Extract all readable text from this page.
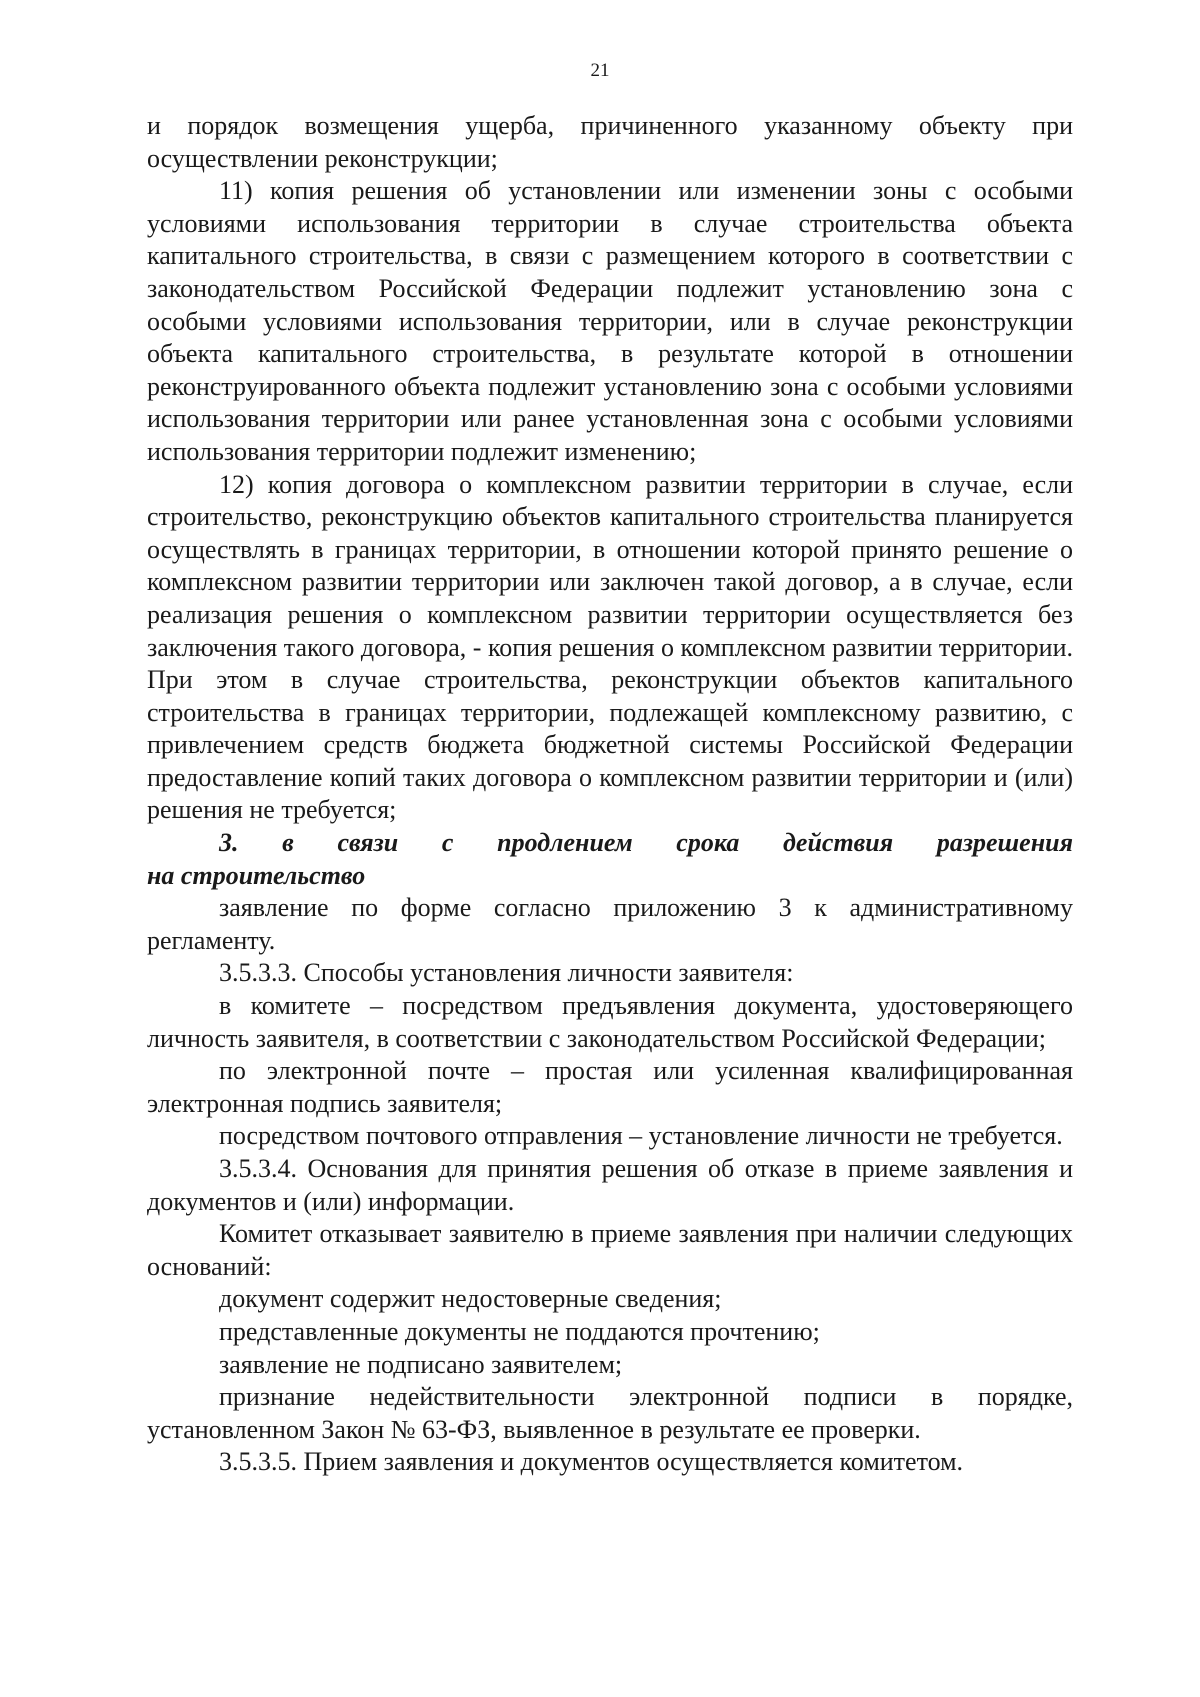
21

и порядок возмещения ущерба, причиненного указанному объекту при осуществлении реконструкции;

11) копия решения об установлении или изменении зоны с особыми условиями использования территории в случае строительства объекта капитального строительства, в связи с размещением которого в соответствии с законодательством Российской Федерации подлежит установлению зона с особыми условиями использования территории, или в случае реконструкции объекта капитального строительства, в результате которой в отношении реконструированного объекта подлежит установлению зона с особыми условиями использования территории или ранее установленная зона с особыми условиями использования территории подлежит изменению;

12) копия договора о комплексном развитии территории в случае, если строительство, реконструкцию объектов капитального строительства планируется осуществлять в границах территории, в отношении которой принято решение о комплексном развитии территории или заключен такой договор, а в случае, если реализация решения о комплексном развитии территории осуществляется без заключения такого договора, - копия решения о комплексном развитии территории. При этом в случае строительства, реконструкции объектов капитального строительства в границах территории, подлежащей комплексному развитию, с привлечением средств бюджета бюджетной системы Российской Федерации предоставление копий таких договора о комплексном развитии территории и (или) решения не требуется;

3. в связи с продлением срока действия разрешения
на строительство

заявление по форме согласно приложению 3 к административному регламенту.

3.5.3.3. Способы установления личности заявителя:

в комитете – посредством предъявления документа, удостоверяющего личность заявителя, в соответствии с законодательством Российской Федерации;

по электронной почте – простая или усиленная квалифицированная электронная подпись заявителя;

посредством почтового отправления – установление личности не требуется.

3.5.3.4. Основания для принятия решения об отказе в приеме заявления и документов и (или) информации.

Комитет отказывает заявителю в приеме заявления при наличии следующих оснований:

документ содержит недостоверные сведения;

представленные документы не поддаются прочтению;

заявление не подписано заявителем;

признание недействительности электронной подписи в порядке, установленном Закон № 63-ФЗ, выявленное в результате ее проверки.

3.5.3.5. Прием заявления и документов осуществляется комитетом.
